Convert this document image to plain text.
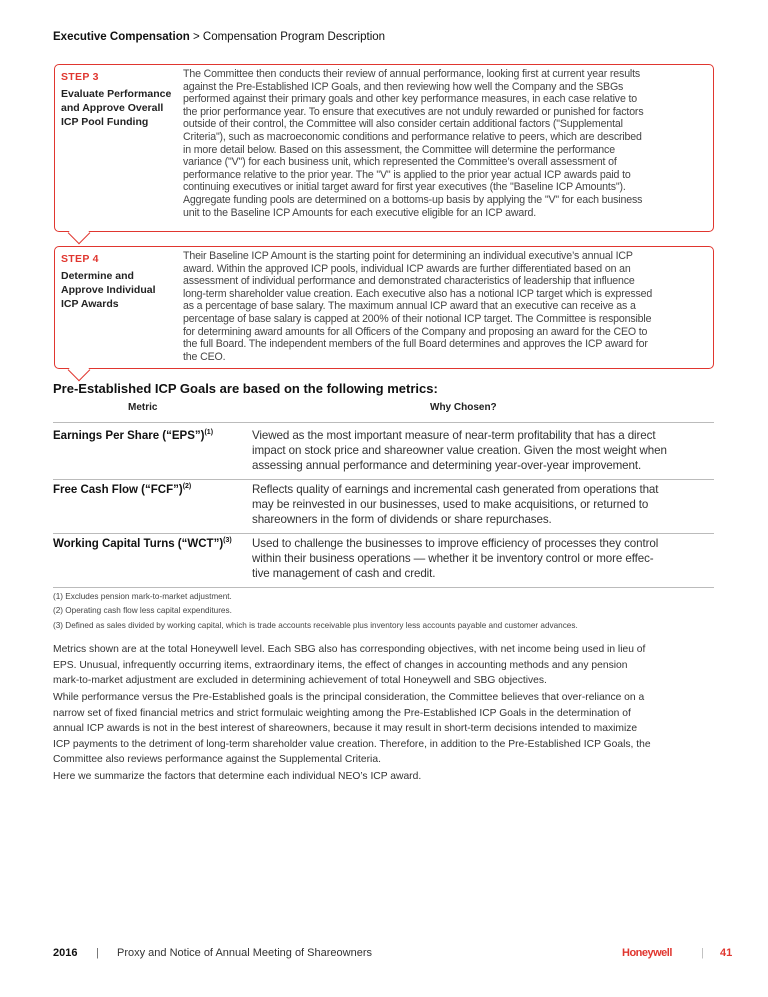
Executive Compensation > Compensation Program Description
STEP 3
Evaluate Performance
and Approve Overall
ICP Pool Funding
The Committee then conducts their review of annual performance, looking first at current year results
against the Pre-Established ICP Goals, and then reviewing how well the Company and the SBGs
performed against their primary goals and other key performance measures, in each case relative to
the prior performance year. To ensure that executives are not unduly rewarded or punished for factors
outside of their control, the Committee will also consider certain additional factors ("Supplemental
Criteria"), such as macroeconomic conditions and performance relative to peers, which are described
in more detail below. Based on this assessment, the Committee will determine the performance
variance ("V") for each business unit, which represented the Committee’s overall assessment of
performance relative to the prior year. The "V" is applied to the prior year actual ICP awards paid to
continuing executives or initial target award for first year executives (the "Baseline ICP Amounts").
Aggregate funding pools are determined on a bottoms-up basis by applying the "V" for each business
unit to the Baseline ICP Amounts for each executive eligible for an ICP award.
STEP 4
Determine and
Approve Individual
ICP Awards
Their Baseline ICP Amount is the starting point for determining an individual executive’s annual ICP
award. Within the approved ICP pools, individual ICP awards are further differentiated based on an
assessment of individual performance and demonstrated characteristics of leadership that influence
long-term shareholder value creation. Each executive also has a notional ICP target which is expressed
as a percentage of base salary. The maximum annual ICP award that an executive can receive as a
percentage of base salary is capped at 200% of their notional ICP target. The Committee is responsible
for determining award amounts for all Officers of the Company and proposing an award for the CEO to
the full Board. The independent members of the full Board determines and approves the ICP award for
the CEO.
Pre-Established ICP Goals are based on the following metrics:
Metric	Why Chosen?
Earnings Per Share (“EPS”)$^{(1)}$	Viewed as the most important measure of near-term profitability that has a direct
impact on stock price and shareowner value creation. Given the most weight when
assessing annual performance and determining year-over-year improvement.
Free Cash Flow (“FCF”)$^{(2)}$	Reflects quality of earnings and incremental cash generated from operations that
may be reinvested in our businesses, used to make acquisitions, or returned to
shareowners in the form of dividends or share repurchases.
Working Capital Turns (“WCT”)$^{(3)}$ Used to challenge the businesses to improve efficiency of processes they control
within their business operations — whether it be inventory control or more effec-
tive management of cash and credit.
(1) Excludes pension mark-to-market adjustment.
(2) Operating cash flow less capital expenditures.
(3) Defined as sales divided by working capital, which is trade accounts receivable plus inventory less accounts payable and customer advances.
Metrics shown are at the total Honeywell level. Each SBG also has corresponding objectives, with net income being used in lieu of
EPS. Unusual, infrequently occurring items, extraordinary items, the effect of changes in accounting methods and any pension
mark-to-market adjustment are excluded in determining achievement of total Honeywell and SBG objectives.
While performance versus the Pre-Established goals is the principal consideration, the Committee believes that over-reliance on a
narrow set of fixed financial metrics and strict formulaic weighting among the Pre-Established ICP Goals in the determination of
annual ICP awards is not in the best interest of shareowners, because it may result in short-term decisions intended to maximize
ICP payments to the detriment of long-term shareholder value creation. Therefore, in addition to the Pre-Established ICP Goals, the
Committee also reviews performance against the Supplemental Criteria.
Here we summarize the factors that determine each individual NEO’s ICP award.
2016 | Proxy and Notice of Annual Meeting of Shareowners	Honeywell	| 41
